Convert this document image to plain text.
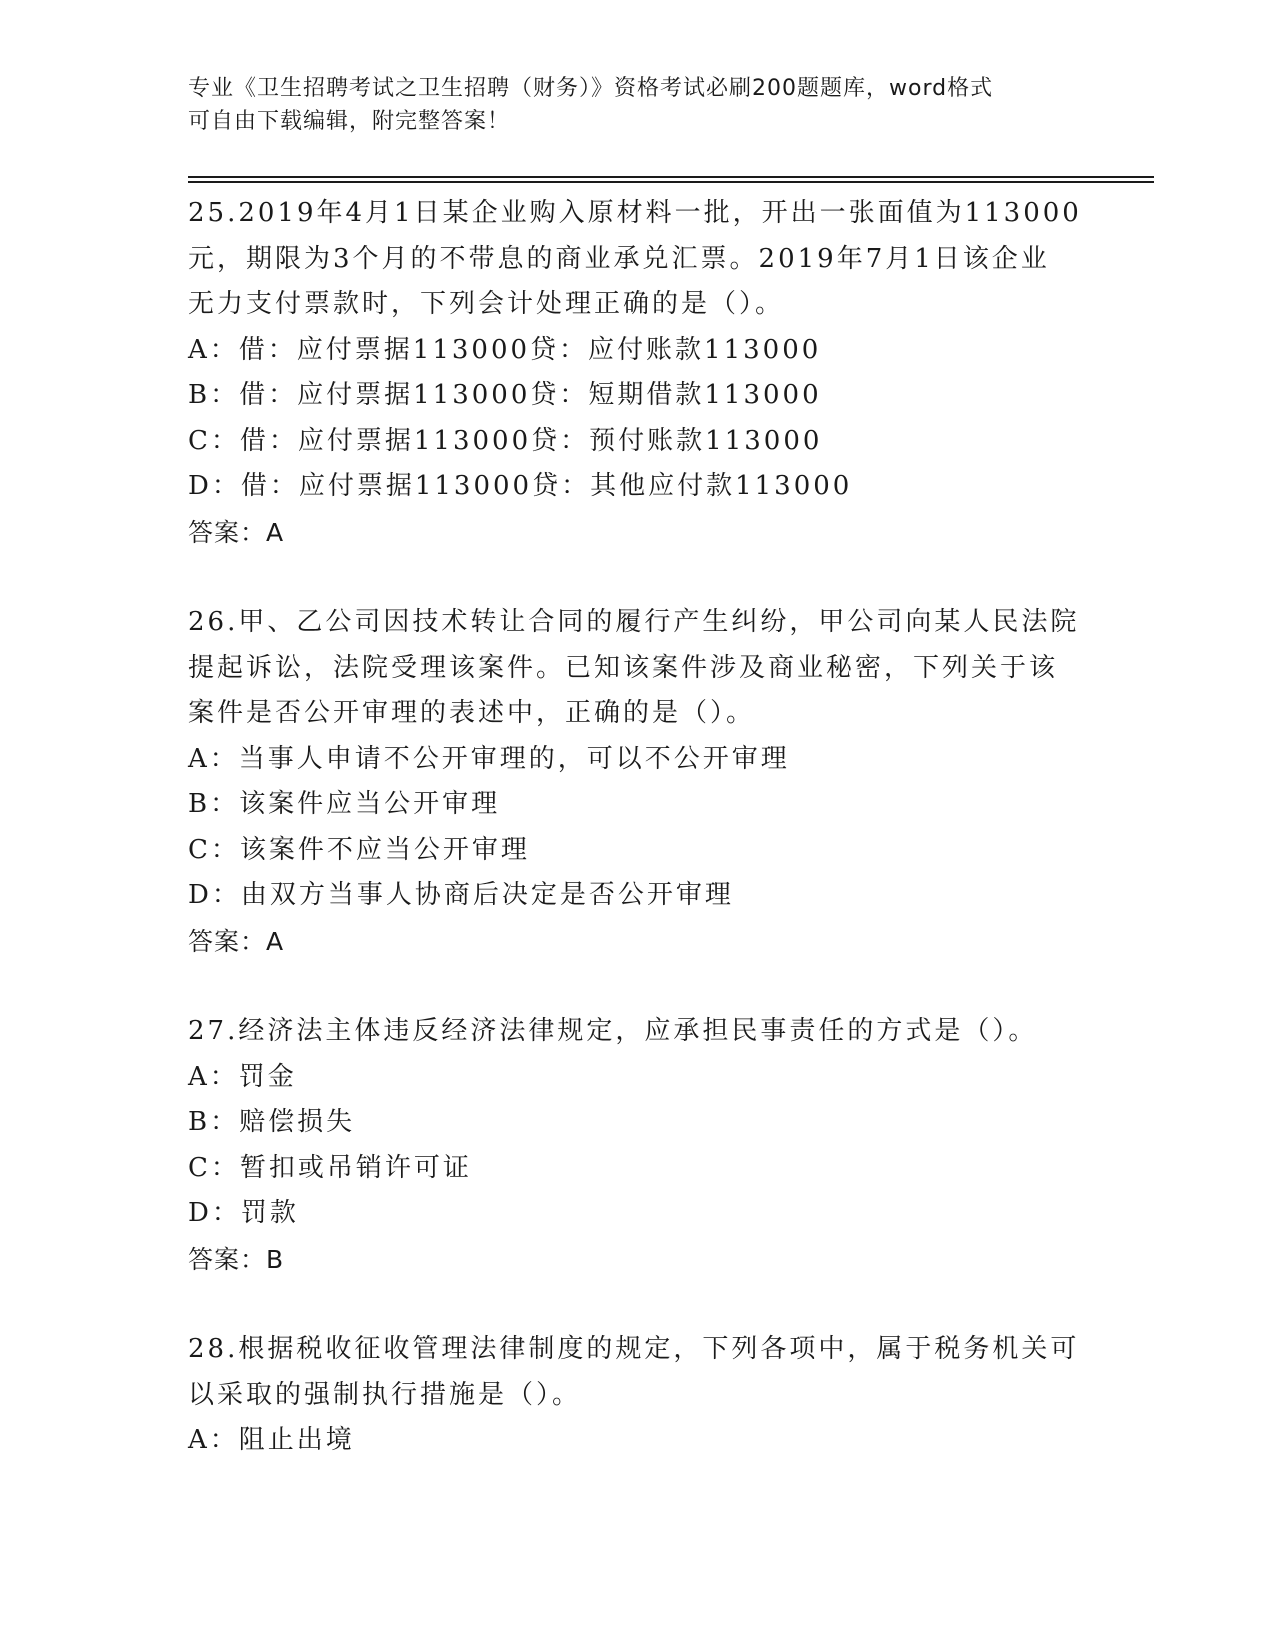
专业《卫生招聘考试之卫生招聘（财务）》资格考试必刷200题题库，word格式
可自由下载编辑，附完整答案！
25.2019年4月1日某企业购入原材料一批，开出一张面值为113000
元，期限为3个月的不带息的商业承兑汇票。2019年7月1日该企业
无力支付票款时，下列会计处理正确的是（）。
A：借：应付票据113000贷：应付账款113000
B：借：应付票据113000贷：短期借款113000
C：借：应付票据113000贷：预付账款113000
D：借：应付票据113000贷：其他应付款113000
答案：A
26.甲、乙公司因技术转让合同的履行产生纠纷，甲公司向某人民法院
提起诉讼，法院受理该案件。已知该案件涉及商业秘密，下列关于该
案件是否公开审理的表述中，正确的是（）。
A：当事人申请不公开审理的，可以不公开审理
B：该案件应当公开审理
C：该案件不应当公开审理
D：由双方当事人协商后决定是否公开审理
答案：A
27.经济法主体违反经济法律规定，应承担民事责任的方式是（）。
A：罚金
B：赔偿损失
C：暂扣或吊销许可证
D：罚款
答案：B
28.根据税收征收管理法律制度的规定，下列各项中，属于税务机关可
以采取的强制执行措施是（）。
A：阻止出境
